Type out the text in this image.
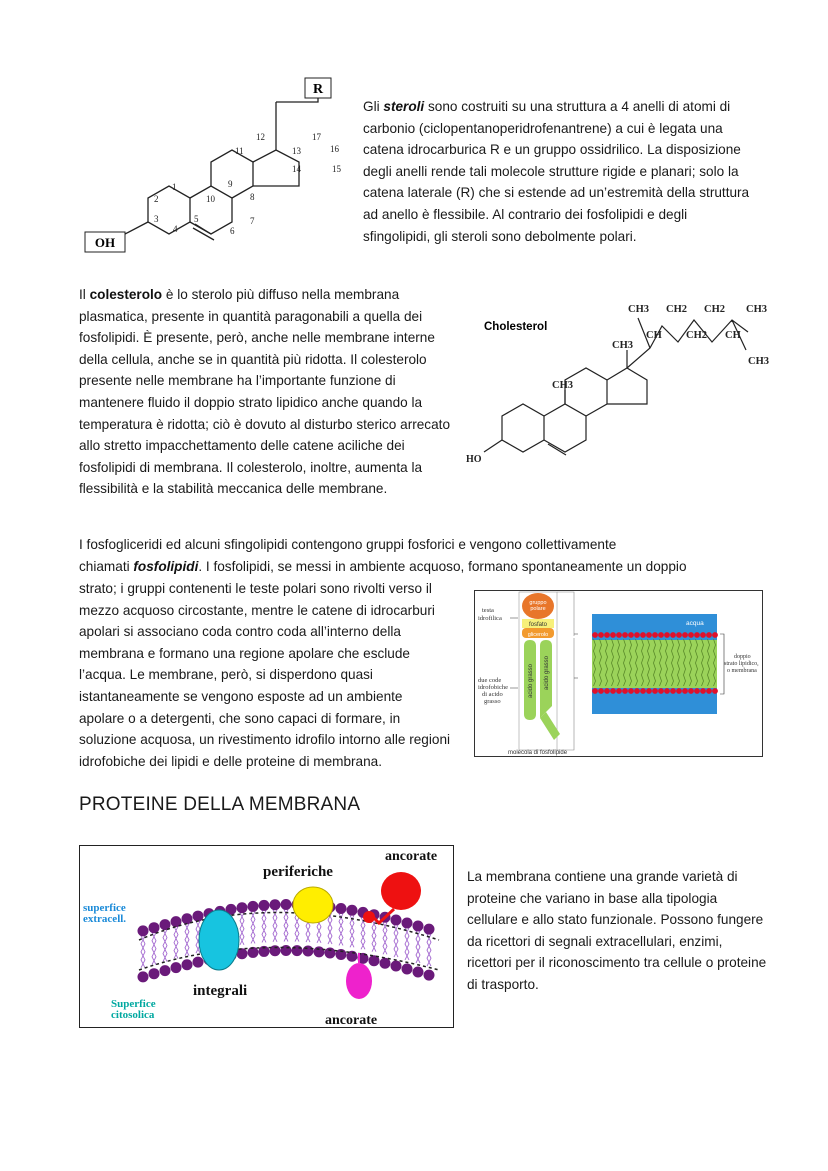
R
OH
1
2
3
4
5
6
7
8
9
10
11
12
13
14	15
16
17

Gli steroli sono costruiti su una struttura a 4 anelli di atomi di carbonio (ciclopentanoperidrofenantrene) a cui è legata una catena idrocarburica R e un gruppo ossidrilico. La disposizione degli anelli rende tali molecole strutture rigide e planari; solo la catena laterale (R) che si estende ad un’estremità della struttura ad anello è flessibile. Al contrario dei fosfolipidi e degli sfingolipidi, gli steroli sono debolmente polari.

Il colesterolo è lo sterolo più diffuso nella membrana plasmatica, presente in quantità paragonabili a quella dei fosfolipidi. È presente, però, anche nelle membrane interne della cellula, anche se in quantità più ridotta. Il colesterolo presente nelle membrane ha l’importante funzione di mantenere fluido il doppio strato lipidico anche quando la temperatura è ridotta; ciò è dovuto al disturbo sterico arrecato allo stretto impacchettamento delle catene aciliche dei fosfolipidi di membrana. Il colesterolo, inoltre, aumenta la flessibilità e la stabilità meccanica delle membrane.

Cholesterol
CH3
CH3
CH3 CH2 CH2 CH3
CH CH2 CH
CH3
HO

I fosfogliceridi ed alcuni sfingolipidi contengono gruppi fosforici e vengono collettivamente

chiamati fosfolipidi. I fosfolipidi, se messi in ambiente acquoso, formano spontaneamente un doppio

strato; i gruppi contenenti le teste polari sono rivolti verso il mezzo acquoso circostante, mentre le catene di idrocarburi apolari si associano coda contro coda all’interno della membrana e formano una regione apolare che esclude l’acqua. Le membrane, però, si disperdono quasi istantaneamente se vengono esposte ad un ambiente apolare o a detergenti, che sono capaci di formare, in soluzione acquosa, un rivestimento idrofilo intorno alle regioni idrofobiche dei lipidi e delle proteine di membrana.

testa
idrofilica
due code
idrofobiche
di acido
grasso
gruppo
polare
fosfato
glicerolo
acido grasso acido grasso
molecola di fosfolipide
acqua
doppio
strato lipidico,
o membrana
PROTEINE DELLA MEMBRANA
ancorate
periferiche
superfice
extracell.
integrali
Superfice
citosolica	ancorate

La membrana contiene una grande varietà di proteine che variano in base alla tipologia cellulare e allo stato funzionale. Possono fungere da ricettori di segnali extracellulari, enzimi, ricettori per il riconoscimento tra cellule o proteine di trasporto.
